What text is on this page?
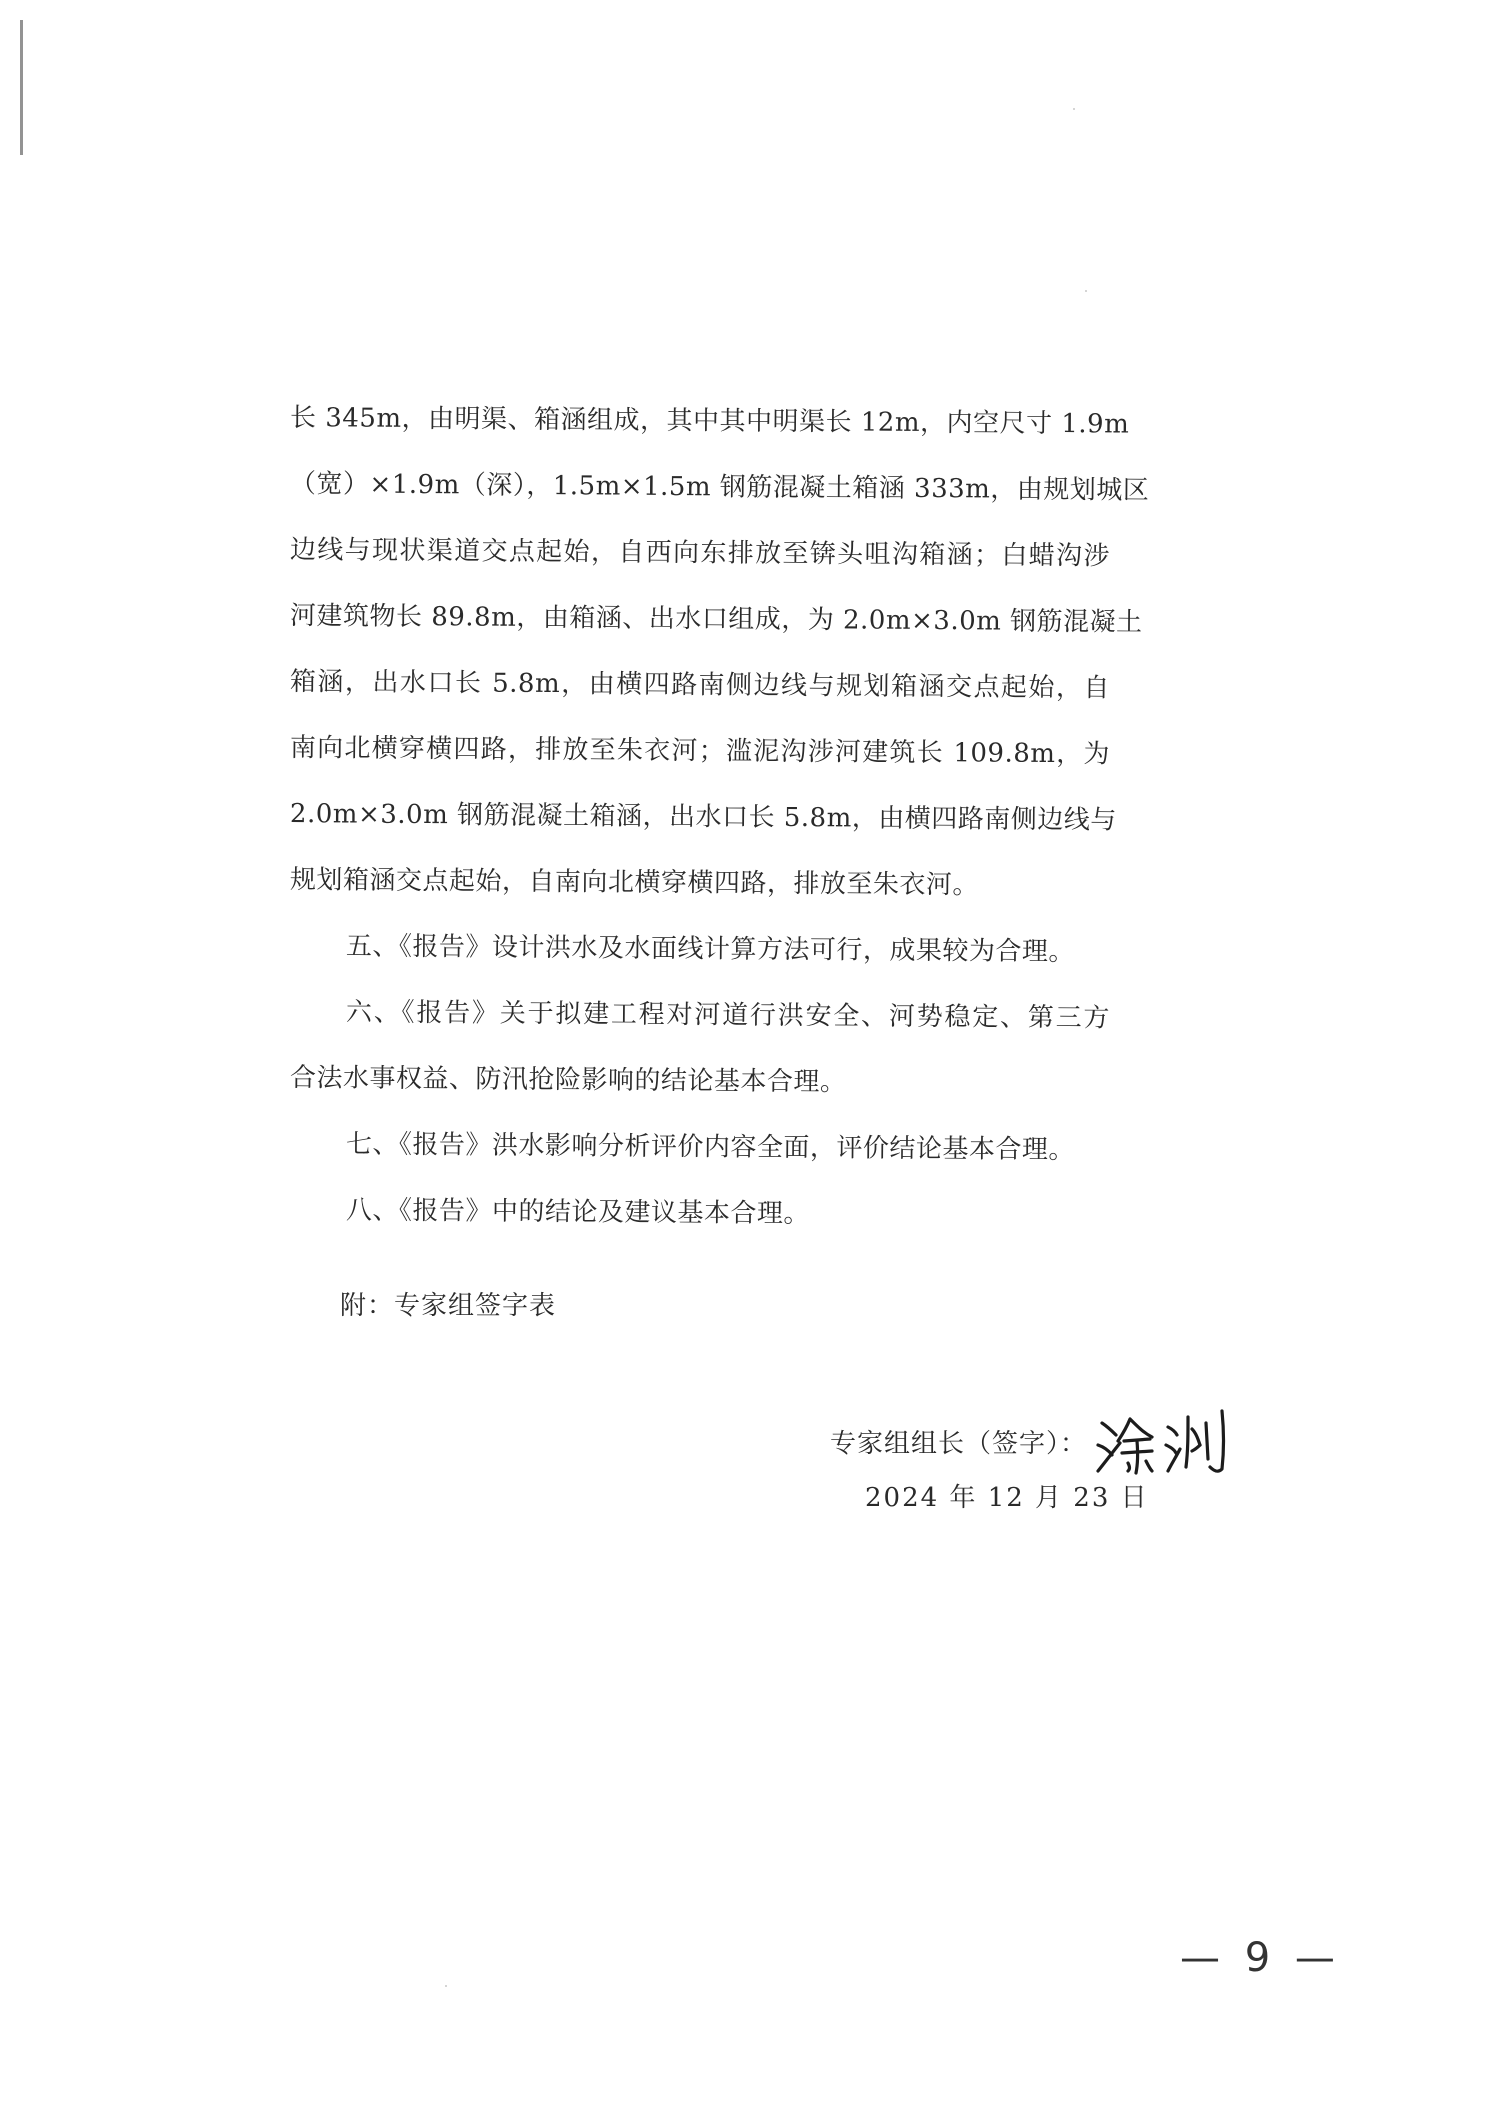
长 345m，由明渠、箱涵组成，其中其中明渠长 12m，内空尺寸 1.9m
（宽）×1.9m（深），1.5m×1.5m 钢筋混凝土箱涵 333m，由规划城区
边线与现状渠道交点起始，自西向东排放至锛头咀沟箱涵；白蜡沟涉
河建筑物长 89.8m，由箱涵、出水口组成，为 2.0m×3.0m 钢筋混凝土
箱涵，出水口长 5.8m，由横四路南侧边线与规划箱涵交点起始，自
南向北横穿横四路，排放至朱衣河；滥泥沟涉河建筑长 109.8m，为
2.0m×3.0m 钢筋混凝土箱涵，出水口长 5.8m，由横四路南侧边线与
规划箱涵交点起始，自南向北横穿横四路，排放至朱衣河。
五、《报告》设计洪水及水面线计算方法可行，成果较为合理。
六、《报告》关于拟建工程对河道行洪安全、河势稳定、第三方
合法水事权益、防汛抢险影响的结论基本合理。
七、《报告》洪水影响分析评价内容全面，评价结论基本合理。
八、《报告》中的结论及建议基本合理。
附：专家组签字表
专家组组长（签字）：
2024 年 12 月 23 日
— 9 —
